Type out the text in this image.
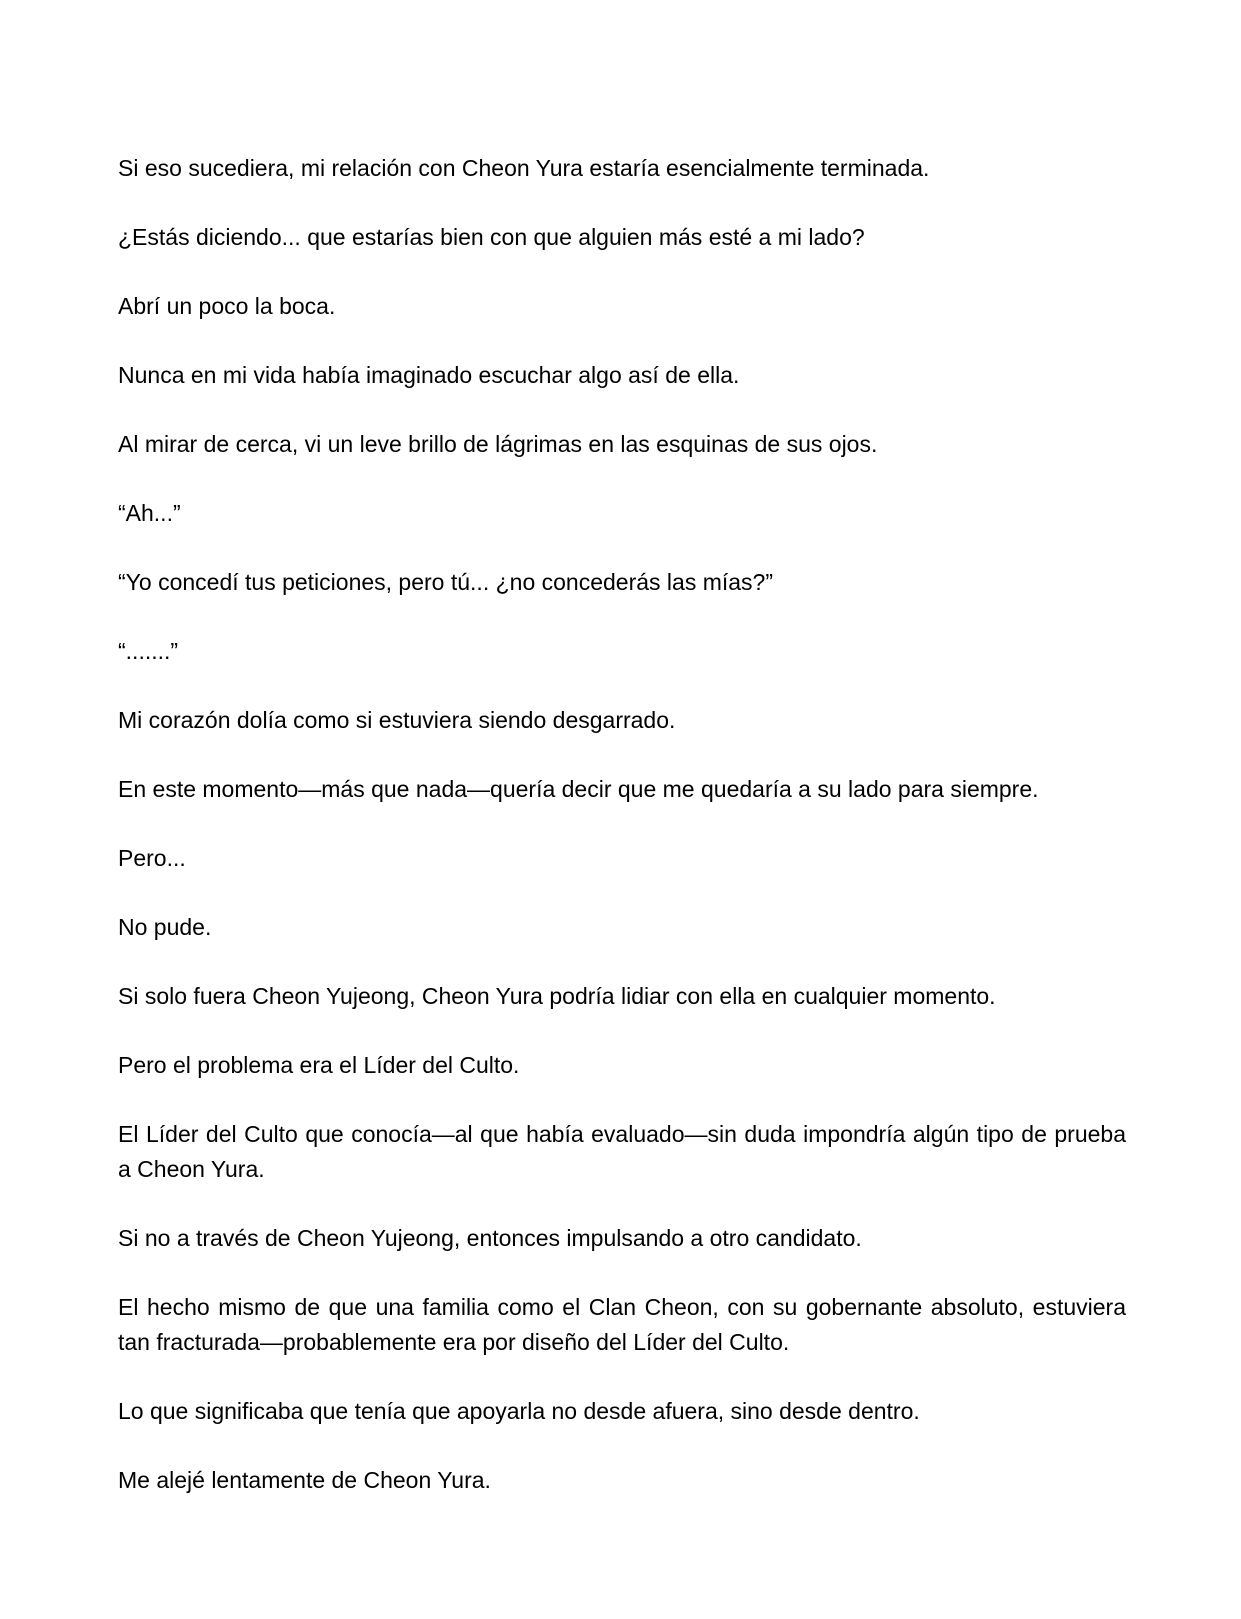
Si eso sucediera, mi relación con Cheon Yura estaría esencialmente terminada.

¿Estás diciendo... que estarías bien con que alguien más esté a mi lado?

Abrí un poco la boca.

Nunca en mi vida había imaginado escuchar algo así de ella.

Al mirar de cerca, vi un leve brillo de lágrimas en las esquinas de sus ojos.

“Ah...”

“Yo concedí tus peticiones, pero tú... ¿no concederás las mías?”

“.......”

Mi corazón dolía como si estuviera siendo desgarrado.

En este momento—más que nada—quería decir que me quedaría a su lado para siempre.

Pero...

No pude.

Si solo fuera Cheon Yujeong, Cheon Yura podría lidiar con ella en cualquier momento.

Pero el problema era el Líder del Culto.

El Líder del Culto que conocía—al que había evaluado—sin duda impondría algún tipo de prueba a Cheon Yura.

Si no a través de Cheon Yujeong, entonces impulsando a otro candidato.

El hecho mismo de que una familia como el Clan Cheon, con su gobernante absoluto, estuviera tan fracturada—probablemente era por diseño del Líder del Culto.

Lo que significaba que tenía que apoyarla no desde afuera, sino desde dentro.

Me alejé lentamente de Cheon Yura.
